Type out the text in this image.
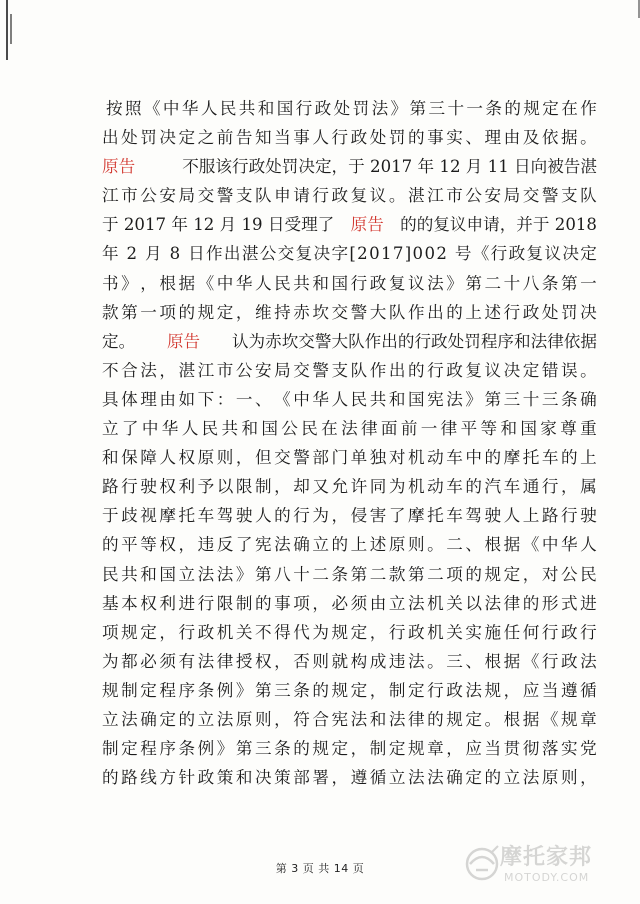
按 照 《 中 华 人 民 共 和 国 行 政 处 罚 法 》 第 三 十 一 条 的 规 定 在 作
出 处 罚 决 定 之 前 告 知 当 事 人 行 政 处 罚 的 事 实 、 理 由 及 依 据 。
原告	不服该行政处罚决定，于 2017 年 12 月 11 日向被告湛
江 市 公 安 局 交 警 支 队 申 请 行 政 复 议 。 湛 江 市 公 安 局 交 警 支 队
于 2017 年 12 月 19 日受理了 原告 的的复议申请，并于 2018
年
2
月
8
日 作 出 湛 公 交 复 决 字 [ 2 0 1 7 ] 0 0 2
号 《 行 政 复 议 决 定
书 》 ， 根 据 《 中 华 人 民 共 和 国 行 政 复 议 法 》 第 二 十 八 条 第 一
款 第 一 项 的 规 定 ， 维 持 赤 坎 交 警 大 队 作 出 的 上 述 行 政 处 罚 决
定。 原告 认为赤坎交警大队作出的行政处罚程序和法律依据
不 合 法 ， 湛 江 市 公 安 局 交 警 支 队 作 出 的 行 政 复 议 决 定 错 误 。
具 体 理 由 如 下 ： 一 、 《 中 华 人 民 共 和 国 宪 法 》 第 三 十 三 条 确
立 了 中 华 人 民 共 和 国 公 民 在 法 律 面 前 一 律 平 等 和 国 家 尊 重
和 保 障 人 权 原 则 ， 但 交 警 部 门 单 独 对 机 动 车 中 的 摩 托 车 的 上
路 行 驶 权 利 予 以 限 制 ， 却 又 允 许 同 为 机 动 车 的 汽 车 通 行 ， 属
于 歧 视 摩 托 车 驾 驶 人 的 行 为 ， 侵 害 了 摩 托 车 驾 驶 人 上 路 行 驶
的 平 等 权 ， 违 反 了 宪 法 确 立 的 上 述 原 则 。 二 、 根 据 《 中 华 人
民 共 和 国 立 法 法 》 第 八 十 二 条 第 二 款 第 二 项 的 规 定 ， 对 公 民
基 本 权 利 进 行 限 制 的 事 项 ， 必 须 由 立 法 机 关 以 法 律 的 形 式 进
项 规 定 ， 行 政 机 关 不 得 代 为 规 定 ， 行 政 机 关 实 施 任 何 行 政 行
为 都 必 须 有 法 律 授 权 ， 否 则 就 构 成 违 法 。 三 、 根 据 《 行 政 法
规 制 定 程 序 条 例 》 第 三 条 的 规 定 ， 制 定 行 政 法 规 ， 应 当 遵 循
立 法 确 定 的 立 法 原 则 ， 符 合 宪 法 和 法 律 的 规 定 。 根 据 《 规 章
制 定 程 序 条 例 》 第 三 条 的 规 定 ， 制 定 规 章 ， 应 当 贯 彻 落 实 党
的 路 线 方 针 政 策 和 决 策 部 署 ， 遵 循 立 法 法 确 定 的 立 法 原 则 ，
第 3 页 共 14 页	摩托家邦
MOTODY.COM
